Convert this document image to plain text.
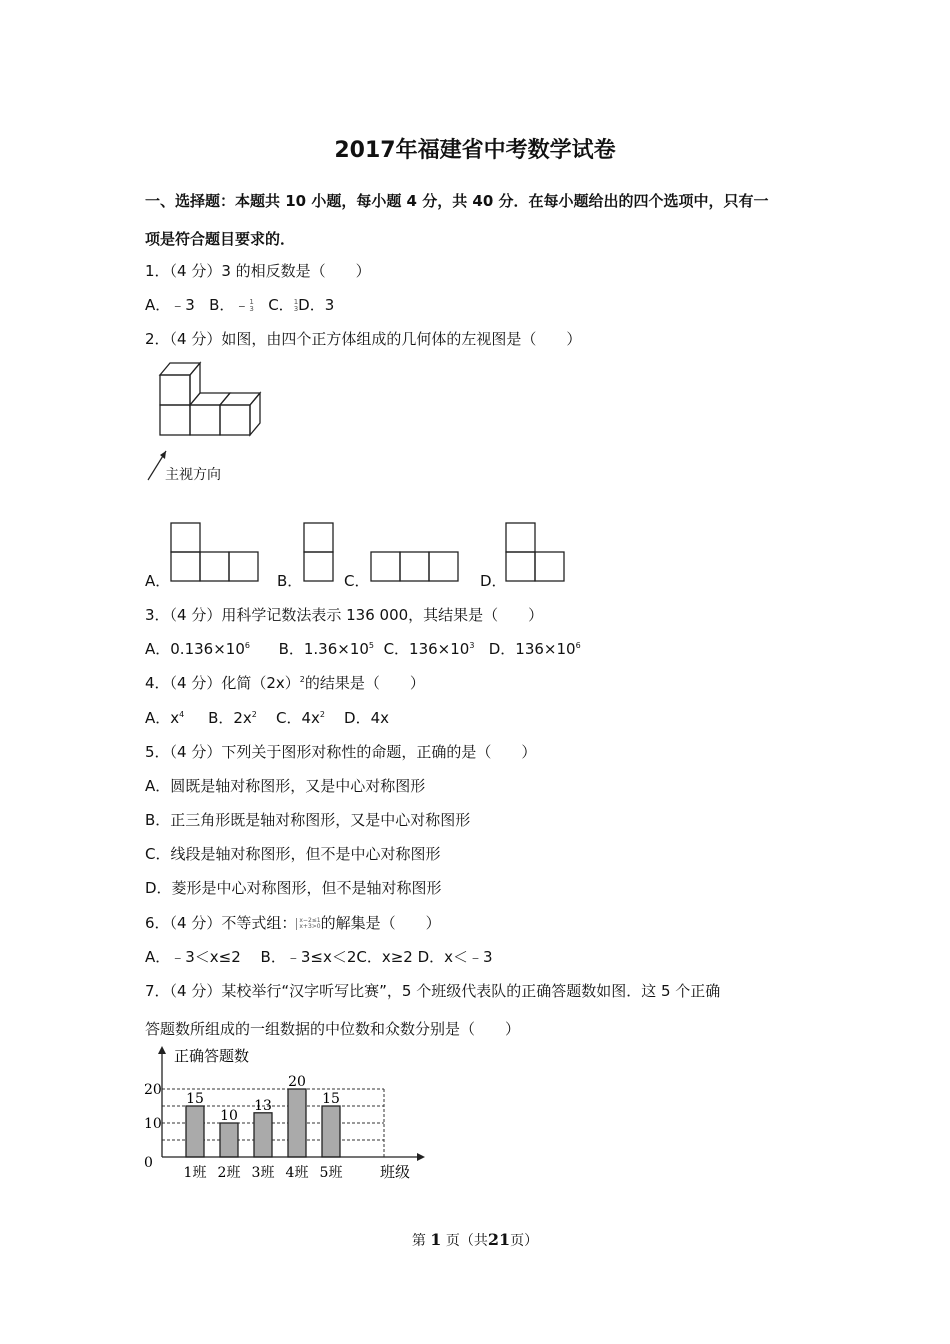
2017年福建省中考数学试卷
一、选择题：本题共 10 小题，每小题 4 分，共 40 分．在每小题给出的四个选项中，只有一
项是符合题目要求的．
1．（4 分）3 的相反数是（　　）
A．﹣3 B．﹣1
3 C．1
3D．3
2．（4 分）如图，由四个正方体组成的几何体的左视图是（　　）
主视方向
A．	B．	C．	D．
3．（4 分）用科学记数法表示 136 000，其结果是（　　）
A．$0.136\times 10^6$ B．$1.36\times 10^5$ C．$136\times 10^3$ D．$136\times 10^6$
4．（4 分）化简$(2x)^2$的结果是（　　）
A．$x^4$ B．$2x^2$ C．$4x^2$ D．4x
5．（4 分）下列关于图形对称性的命题，正确的是（　　）
A．圆既是轴对称图形，又是中心对称图形
B．正三角形既是轴对称图形，又是中心对称图形
C．线段是轴对称图形，但不是中心对称图形
D．菱形是中心对称图形，但不是轴对称图形
6．（4 分）不等式组： x−2≤1
x+3>0的解集是（　　）
A．﹣3＜x≤2　 B．﹣3≤x＜2C．x≥2 D．x＜﹣3
7．（4 分）某校举行“汉字听写比赛”，5 个班级代表队的正确答题数如图．这 5 个正确
答题数所组成的一组数据的中位数和众数分别是（　　）
正确答题数
班级
0
10
20
1班 2班 3班 4班 5班
15
10
13
20
15
第 1 页（共21页）
